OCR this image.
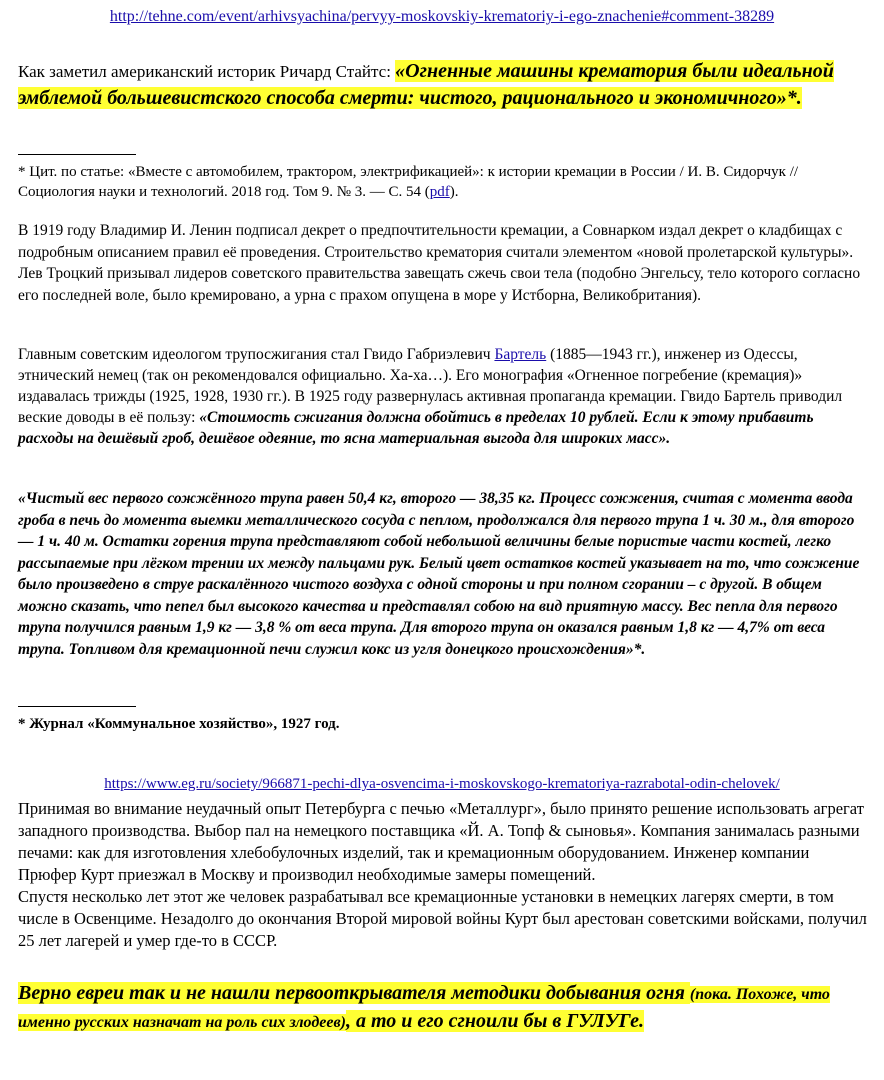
http://tehne.com/event/arhivsyachina/pervyy-moskovskiy-krematoriy-i-ego-znachenie#comment-38289
Как заметил американский историк Ричард Стайтс: «Огненные машины крематория были идеальной эмблемой большевистского способа смерти: чистого, рационального и экономичного»*.
* Цит. по статье: «Вместе с автомобилем, трактором, электрификацией»: к истории кремации в России / И. В. Сидорчук // Социология науки и технологий. 2018 год. Том 9. № 3. — С. 54 (pdf).
В 1919 году Владимир И. Ленин подписал декрет о предпочтительности кремации, а Совнарком издал декрет о кладбищах с подробным описанием правил её проведения. Строительство крематория считали элементом «новой пролетарской культуры». Лев Троцкий призывал лидеров советского правительства завещать сжечь свои тела (подобно Энгельсу, тело которого согласно его последней воле, было кремировано, а урна с прахом опущена в море у Истборна, Великобритания).
Главным советским идеологом трупосжигания стал Гвидо Габриэлевич Бартель (1885—1943 гг.), инженер из Одессы, этнический немец (так он рекомендовался официально. Ха-ха…). Его монография «Огненное погребение (кремация)» издавалась трижды (1925, 1928, 1930 гг.). В 1925 году развернулась активная пропаганда кремации. Гвидо Бартель приводил веские доводы в её пользу: «Стоимость сжигания должна обойтись в пределах 10 рублей. Если к этому прибавить расходы на дешёвый гроб, дешёвое одеяние, то ясна материальная выгода для широких масс».
«Чистый вес первого сожжённого трупа равен 50,4 кг, второго — 38,35 кг. Процесс сожжения, считая с момента ввода гроба в печь до момента выемки металлического сосуда с пеплом, продолжался для первого трупа 1 ч. 30 м., для второго — 1 ч. 40 м. Остатки горения трупа представляют собой небольшой величины белые пористые части костей, легко рассыпаемые при лёгком трении их между пальцами рук. Белый цвет остатков костей указывает на то, что сожжение было произведено в струе раскалённого чистого воздуха с одной стороны и при полном сгорании – с другой. В общем можно сказать, что пепел был высокого качества и представлял собою на вид приятную массу. Вес пепла для первого трупа получился равным 1,9 кг — 3,8 % от веса трупа. Для второго трупа он оказался равным 1,8 кг — 4,7% от веса трупа. Топливом для кремационной печи служил кокс из угля донецкого происхождения»*.
* Журнал «Коммунальное хозяйство», 1927 год.
https://www.eg.ru/society/966871-pechi-dlya-osvencima-i-moskovskogo-krematoriya-razrabotal-odin-chelovek/
Принимая во внимание неудачный опыт Петербурга с печью «Металлург», было принято решение использовать агрегат западного производства. Выбор пал на немецкого поставщика «Й. А. Топф & сыновья». Компания занималась разными печами: как для изготовления хлебобулочных изделий, так и кремационным оборудованием. Инженер компании Прюфер Курт приезжал в Москву и производил необходимые замеры помещений.
Спустя несколько лет этот же человек разрабатывал все кремационные установки в немецких лагерях смерти, в том числе в Освенциме. Незадолго до окончания Второй мировой войны Курт был арестован советскими войсками, получил 25 лет лагерей и умер где-то в СССР.
Верно евреи так и не нашли первооткрывателя методики добывания огня (пока. Похоже, что именно русских назначат на роль сих злодеев), а то и его сгноили бы в ГУЛУГе.
